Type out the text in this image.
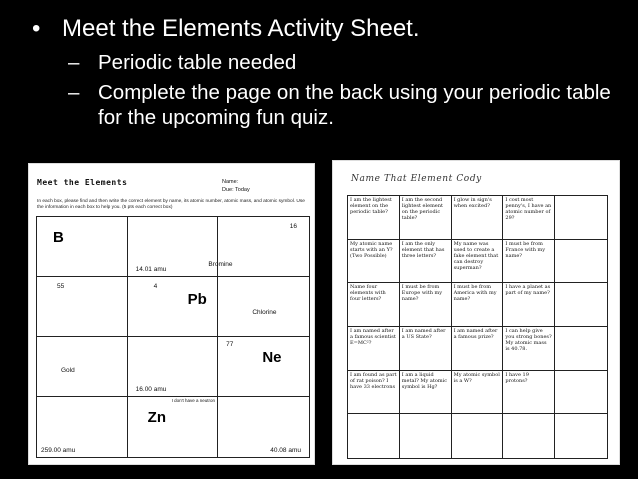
• Meet the Elements Activity Sheet.
– Periodic table needed
– Complete the page on the back using your periodic table for the upcoming fun quiz.
Meet the Elements	Name:
Due: Today
In each box, please find and then write the correct element by name, its atomic number, atomic mass, and atomic symbol. Use the information in each box to help you. (5 pts each correct box)
B
14.01 amu
16
Bromine
55	4
Pb
Chlorine
Gold
77
16.00 amu
Ne
259.00 amu
I don't have a neutron
Zn
40.08 amu
Name That Element Cody
I am the lightest element on the periodic table?
I am the second lightest element on the periodic table?
I glow in sign's when excited?
I cost most penny's, I have an atomic number of 29?
My atomic name starts with an Y? (Two Possible)
I am the only element that has three letters?
My name was used to create a fake element that can destroy superman?
I must be from France with my name?
Name four elements with four letters?
I must be from Europe with my name?
I must be from America with my name?
I have a planet as part of my name?
I am named after a famous scientist E=MC²?
I am named after a US State?
I am named after a famous prize?
I can help give you strong bones? My atomic mass is 40.78.
I am found as part of rat poison? I have 33 electrons
I am a liquid metal? My atomic symbol is Hg?
My atomic symbol is a W?
I have 19 protons?
